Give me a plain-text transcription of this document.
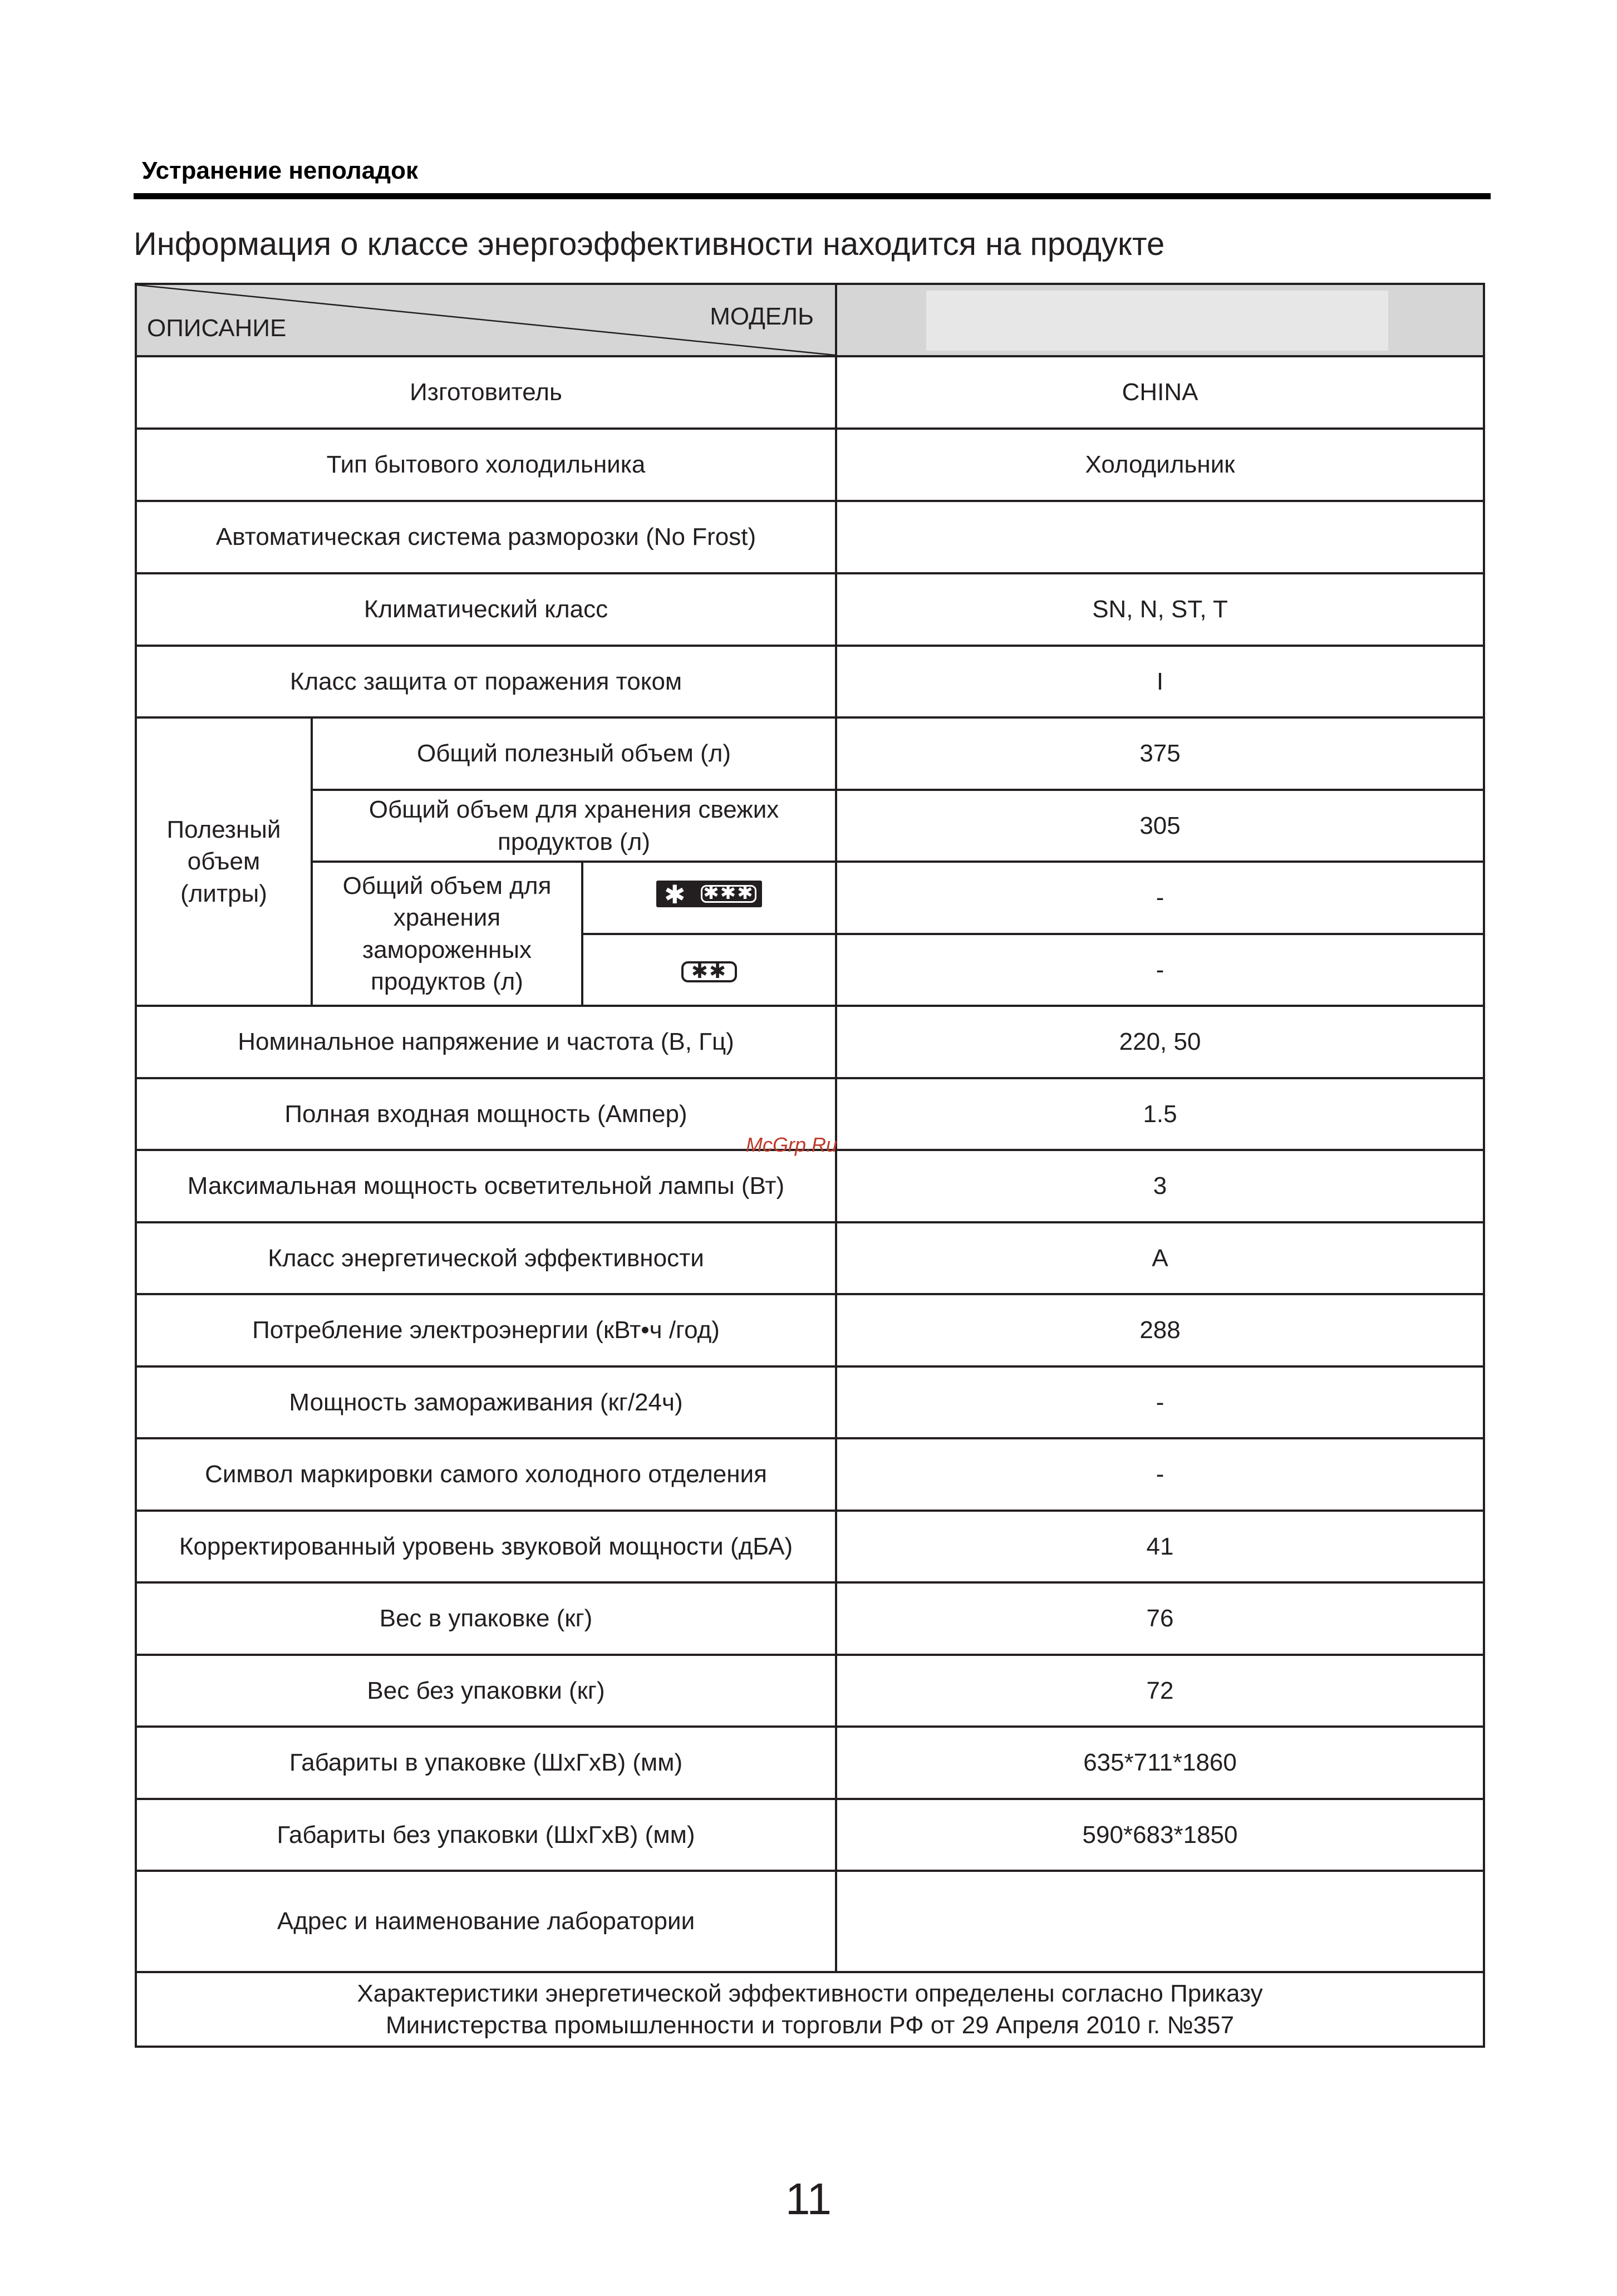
Устранение неполадок
Информация о классе энергоэффективности находится на продукте
ОПИСАНИЕ МОДЕЛЬ			

Изготовитель			CHINA
Тип бытового холодильника			Холодильник
Автоматическая система разморозки (No Frost)			
Климатический класс			SN, N, ST, T
Класс защита от поражения током			I
Полезный объем (литры)	Общий полезный объем (л)		375
	Общий объем для хранения свежих продуктов (л)		305
	Общий объем для хранения замороженных продуктов (л)	✱ ✱✱✱	-
		✱✱	-
Номинальное напряжение и частота (В, Гц)			220, 50
Полная входная мощность (Ампер)			1.5
Максимальная мощность осветительной лампы (Вт)			3
Класс энергетической эффективности			A
Потребление электроэнергии (кВт•ч /год)			288
Мощность замораживания (кг/24ч)			-
Символ маркировки самого холодного отделения			-
Корректированный уровень звуковой мощности (дБА)			41
Вес в упаковке (кг)			76
Вес без упаковки (кг)			72
Габариты в упаковке (ШхГхВ) (мм)			635*711*1860
Габариты без упаковки (ШхГхВ) (мм)			590*683*1850
Адрес и наименование лаборатории			
Характеристики энергетической эффективности определены согласно Приказу Министерства промышленности и торговли РФ от 29 Апреля 2010 г. №357			
McGrp.Ru
11
